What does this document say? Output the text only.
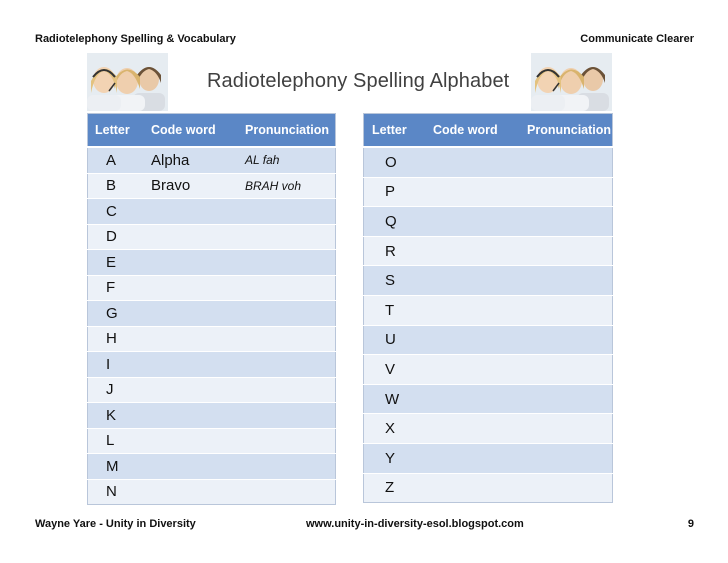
Radiotelephony Spelling & Vocabulary	Communicate Clearer
Radiotelephony Spelling Alphabet
Letter	Code word	Pronunciation
A	Alpha	AL fah
B	Bravo	BRAH voh
C		
D		
E		
F		
G		
H		
I		
J		
K		
L		
M		
N		
Letter	Code word	Pronunciation
O		
P		
Q		
R		
S		
T		
U		
V		
W		
X		
Y		
Z		
Wayne Yare - Unity in Diversity	www.unity-in-diversity-esol.blogspot.com	9
